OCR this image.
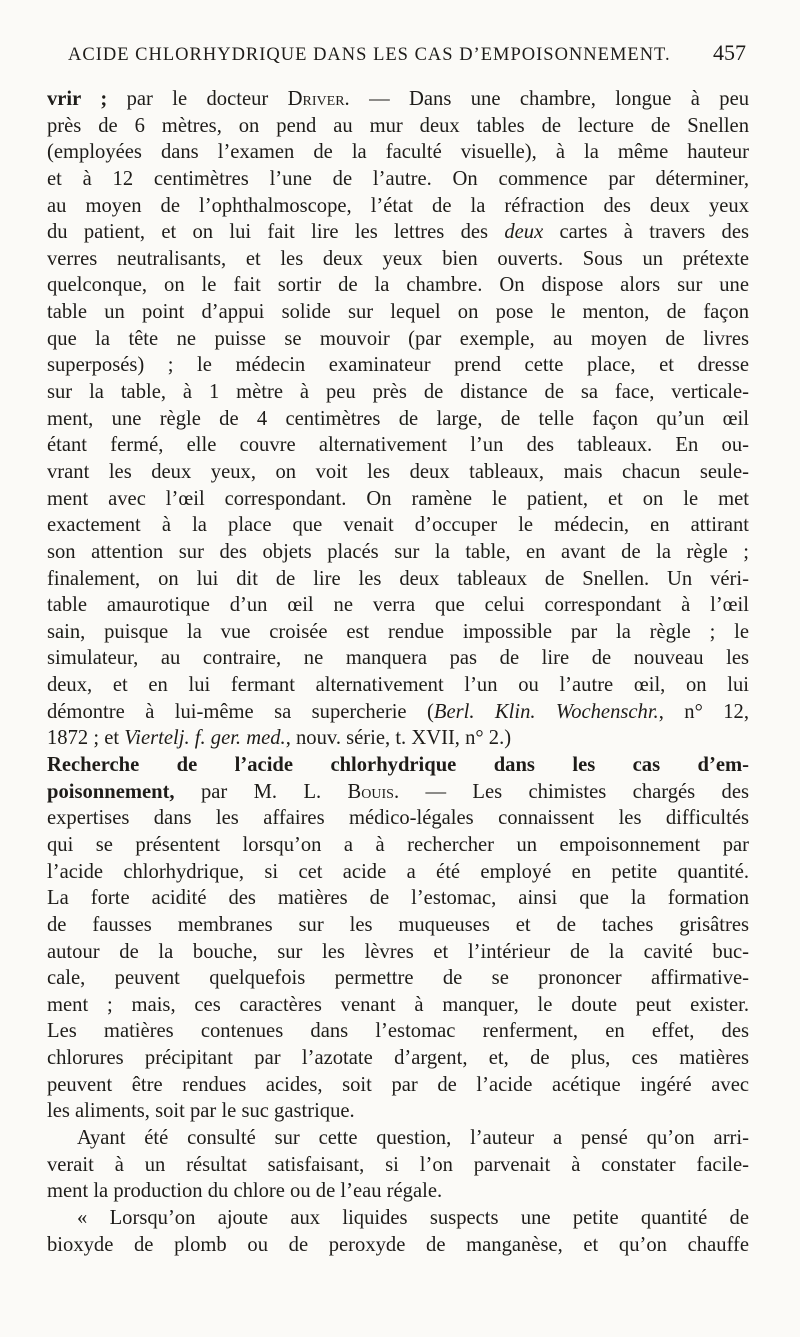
ACIDE CHLORHYDRIQUE DANS LES CAS D’EMPOISONNEMENT. 457
vrir ; par le docteur Driver. — Dans une chambre, longue à peu
près de 6 mètres, on pend au mur deux tables de lecture de Snellen
(employées dans l’examen de la faculté visuelle), à la même hauteur
et à 12 centimètres l’une de l’autre. On commence par déterminer,
au moyen de l’ophthalmoscope, l’état de la réfraction des deux yeux
du patient, et on lui fait lire les lettres des deux cartes à travers des
verres neutralisants, et les deux yeux bien ouverts. Sous un prétexte
quelconque, on le fait sortir de la chambre. On dispose alors sur une
table un point d’appui solide sur lequel on pose le menton, de façon
que la tête ne puisse se mouvoir (par exemple, au moyen de livres
superposés) ; le médecin examinateur prend cette place, et dresse
sur la table, à 1 mètre à peu près de distance de sa face, verticale-
ment, une règle de 4 centimètres de large, de telle façon qu’un œil
étant fermé, elle couvre alternativement l’un des tableaux. En ou-
vrant les deux yeux, on voit les deux tableaux, mais chacun seule-
ment avec l’œil correspondant. On ramène le patient, et on le met
exactement à la place que venait d’occuper le médecin, en attirant
son attention sur des objets placés sur la table, en avant de la règle ;
finalement, on lui dit de lire les deux tableaux de Snellen. Un véri-
table amaurotique d’un œil ne verra que celui correspondant à l’œil
sain, puisque la vue croisée est rendue impossible par la règle ; le
simulateur, au contraire, ne manquera pas de lire de nouveau les
deux, et en lui fermant alternativement l’un ou l’autre œil, on lui
démontre à lui-même sa supercherie (Berl. Klin. Wochenschr., n° 12,
1872 ; et Viertelj. f. ger. med., nouv. série, t. XVII, n° 2.)
Recherche de l’acide chlorhydrique dans les cas d’em-
poisonnement, par M. L. Bouis. — Les chimistes chargés des
expertises dans les affaires médico-légales connaissent les difficultés
qui se présentent lorsqu’on a à rechercher un empoisonnement par
l’acide chlorhydrique, si cet acide a été employé en petite quantité.
La forte acidité des matières de l’estomac, ainsi que la formation
de fausses membranes sur les muqueuses et de taches grisâtres
autour de la bouche, sur les lèvres et l’intérieur de la cavité buc-
cale, peuvent quelquefois permettre de se prononcer affirmative-
ment ; mais, ces caractères venant à manquer, le doute peut exister.
Les matières contenues dans l’estomac renferment, en effet, des
chlorures précipitant par l’azotate d’argent, et, de plus, ces matières
peuvent être rendues acides, soit par de l’acide acétique ingéré avec
les aliments, soit par le suc gastrique.
Ayant été consulté sur cette question, l’auteur a pensé qu’on arri-
verait à un résultat satisfaisant, si l’on parvenait à constater facile-
ment la production du chlore ou de l’eau régale.
« Lorsqu’on ajoute aux liquides suspects une petite quantité de
bioxyde de plomb ou de peroxyde de manganèse, et qu’on chauffe
